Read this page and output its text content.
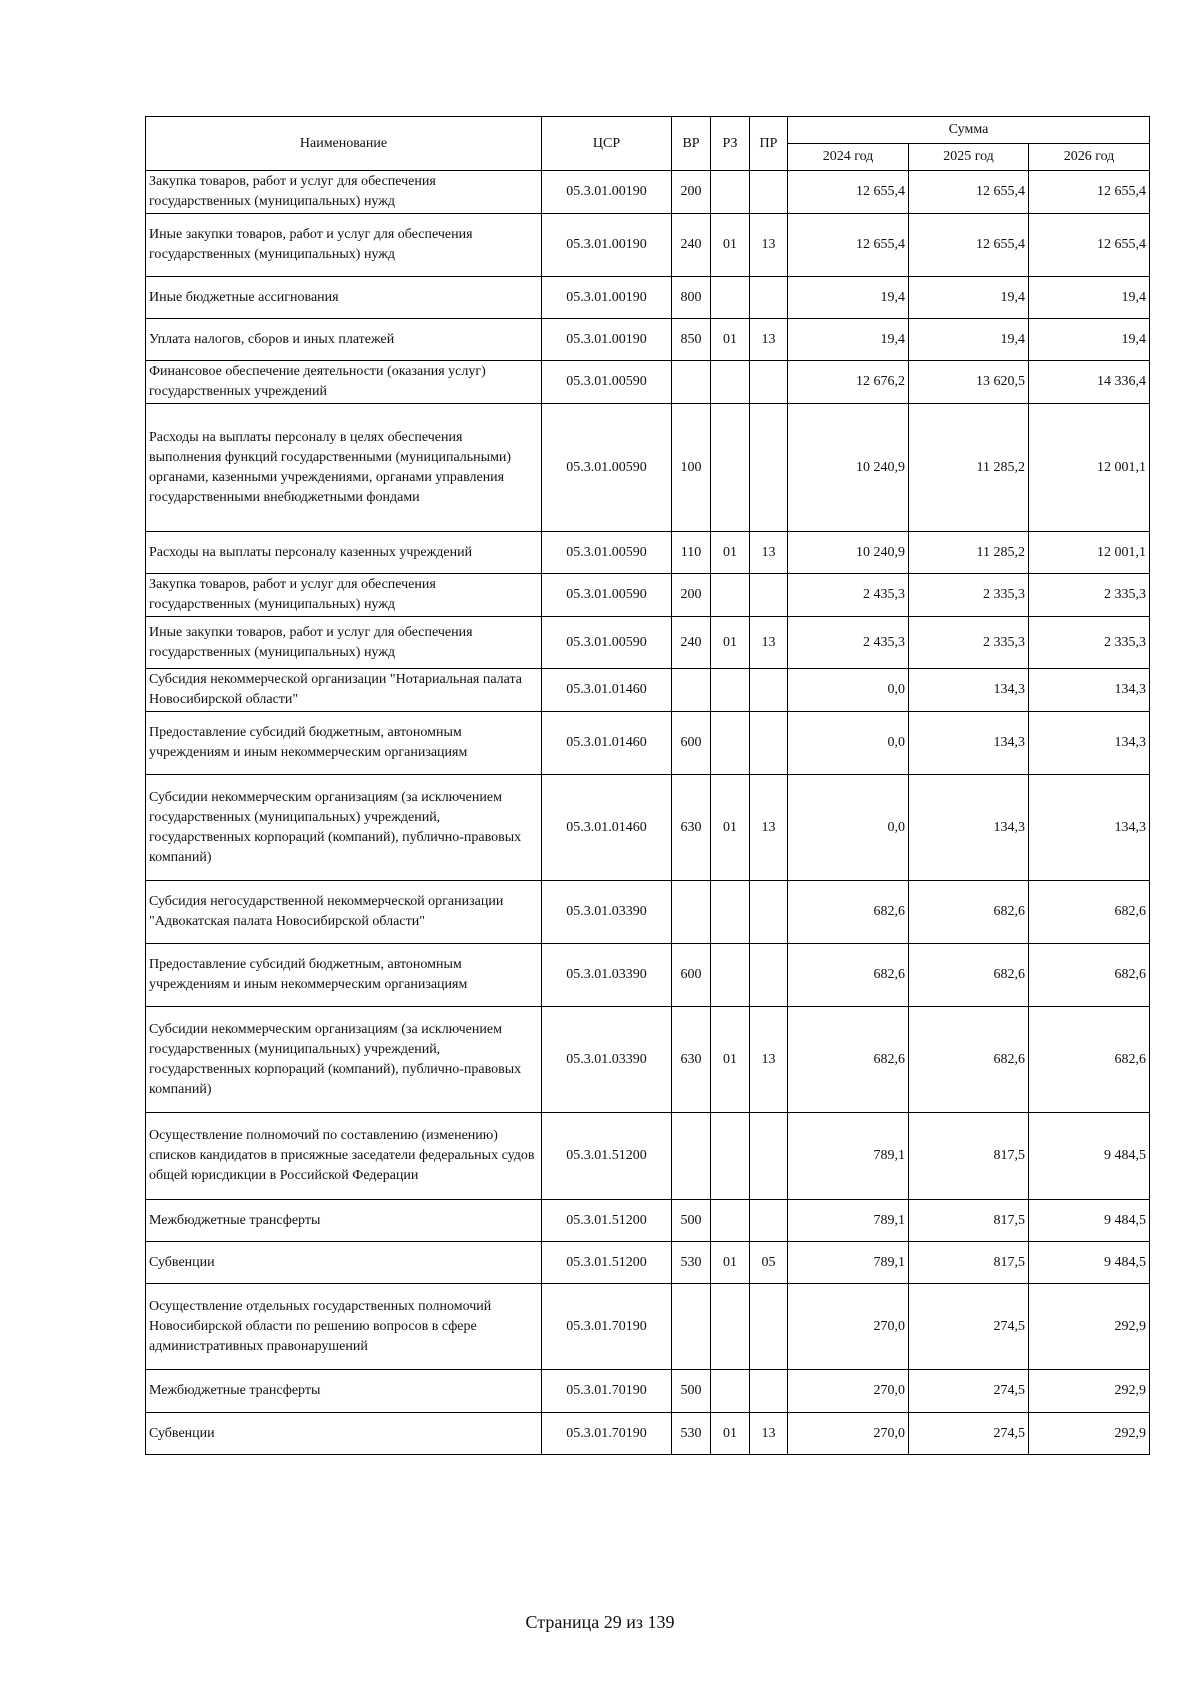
Наименование	ЦСР	ВР	РЗ	ПР	Сумма		
					2024 год	2025 год	2026 год
Закупка товаров, работ и услуг для обеспечения государственных (муниципальных) нужд	05.3.01.00190	200			12 655,4	12 655,4	12 655,4
Иные закупки товаров, работ и услуг для обеспечения государственных (муниципальных) нужд	05.3.01.00190	240	01	13	12 655,4	12 655,4	12 655,4
Иные бюджетные ассигнования	05.3.01.00190	800			19,4	19,4	19,4
Уплата налогов, сборов и иных платежей	05.3.01.00190	850	01	13	19,4	19,4	19,4
Финансовое обеспечение деятельности (оказания услуг) государственных учреждений	05.3.01.00590				12 676,2	13 620,5	14 336,4
Расходы на выплаты персоналу в целях обеспечения выполнения функций государственными (муниципальными) органами, казенными учреждениями, органами управления государственными внебюджетными фондами	05.3.01.00590	100			10 240,9	11 285,2	12 001,1
Расходы на выплаты персоналу казенных учреждений	05.3.01.00590	110	01	13	10 240,9	11 285,2	12 001,1
Закупка товаров, работ и услуг для обеспечения государственных (муниципальных) нужд	05.3.01.00590	200			2 435,3	2 335,3	2 335,3
Иные закупки товаров, работ и услуг для обеспечения государственных (муниципальных) нужд	05.3.01.00590	240	01	13	2 435,3	2 335,3	2 335,3
Субсидия некоммерческой организации "Нотариальная палата Новосибирской области"	05.3.01.01460				0,0	134,3	134,3
Предоставление субсидий бюджетным, автономным учреждениям и иным некоммерческим организациям	05.3.01.01460	600			0,0	134,3	134,3
Субсидии некоммерческим организациям (за исключением государственных (муниципальных) учреждений, государственных корпораций (компаний), публично-правовых компаний)	05.3.01.01460	630	01	13	0,0	134,3	134,3
Субсидия негосударственной некоммерческой организации "Адвокатская палата Новосибирской области"	05.3.01.03390				682,6	682,6	682,6
Предоставление субсидий бюджетным, автономным учреждениям и иным некоммерческим организациям	05.3.01.03390	600			682,6	682,6	682,6
Субсидии некоммерческим организациям (за исключением государственных (муниципальных) учреждений, государственных корпораций (компаний), публично-правовых компаний)	05.3.01.03390	630	01	13	682,6	682,6	682,6
Осуществление полномочий по составлению (изменению) списков кандидатов в присяжные заседатели федеральных судов общей юрисдикции в Российской Федерации	05.3.01.51200				789,1	817,5	9 484,5
Межбюджетные трансферты	05.3.01.51200	500			789,1	817,5	9 484,5
Субвенции	05.3.01.51200	530	01	05	789,1	817,5	9 484,5
Осуществление отдельных государственных полномочий Новосибирской области по решению вопросов в сфере административных правонарушений	05.3.01.70190				270,0	274,5	292,9
Межбюджетные трансферты	05.3.01.70190	500			270,0	274,5	292,9
Субвенции	05.3.01.70190	530	01	13	270,0	274,5	292,9
Страница 29 из 139
